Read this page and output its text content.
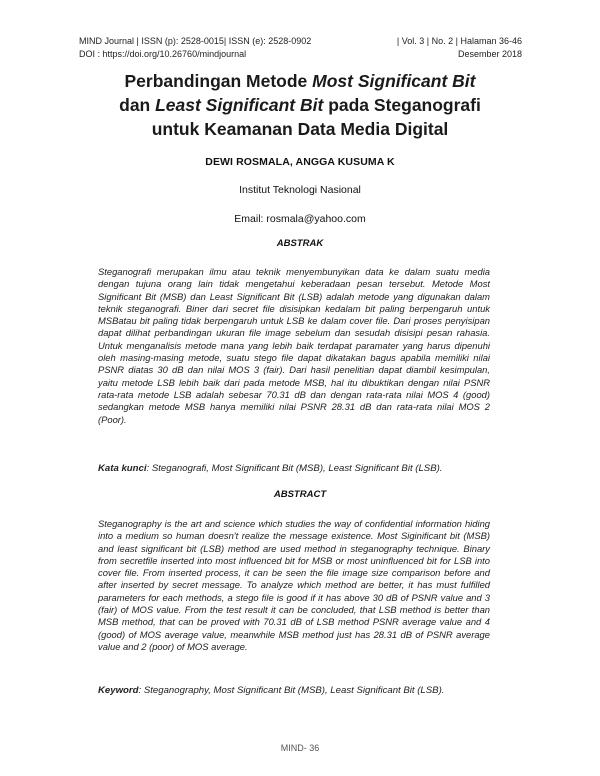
MIND Journal | ISSN (p): 2528-0015| ISSN (e): 2528-0902
DOI : https://doi.org/10.26760/mindjournal
| Vol. 3 | No. 2 | Halaman 36-46
Desember 2018
Perbandingan Metode Most Significant Bit
dan Least Significant Bit pada Steganografi
untuk Keamanan Data Media Digital
DEWI ROSMALA, ANGGA KUSUMA K
Institut Teknologi Nasional
Email: rosmala@yahoo.com
ABSTRAK
Steganografi merupakan ilmu atau teknik menyembunyikan data ke dalam suatu media dengan tujuna orang lain tidak mengetahui keberadaan pesan tersebut. Metode Most Significant Bit (MSB) dan Least Significant Bit (LSB) adalah metode yang digunakan dalam teknik steganografi. Biner dari secret file disisipkan kedalam bit paling berpengaruh untuk MSBatau bit paling tidak berpengaruh untuk LSB ke dalam cover file. Dari proses penyisipan dapat dilihat perbandingan ukuran file image sebelum dan sesudah disisipi pesan rahasia. Untuk menganalisis metode mana yang lebih baik terdapat paramater yang harus dipenuhi oleh masing-masing metode, suatu stego file dapat dikatakan bagus apabila memiliki nilai PSNR diatas 30 dB dan nilai MOS 3 (fair). Dari hasil penelitian dapat diambil kesimpulan, yaitu metode LSB lebih baik dari pada metode MSB, hal itu dibuktikan dengan nilai PSNR rata-rata metode LSB adalah sebesar 70.31 dB dan dengan rata-rata nilai MOS 4 (good) sedangkan metode MSB hanya memiliki nilai PSNR 28.31 dB dan rata-rata nilai MOS 2 (Poor).
Kata kunci: Steganografi, Most Significant Bit (MSB), Least Significant Bit (LSB).
ABSTRACT
Steganography is the art and science which studies the way of confidential information hiding into a medium so human doesn't realize the message existence. Most Siginificant bit (MSB) and least significant bit (LSB) method are used method in steganography technique. Binary from secretfile inserted into most influenced bit for MSB or most uninfluenced bit for LSB into cover file. From inserted process, it can be seen the file image size comparison before and after inserted by secret message. To analyze which method are better, it has must fulfilled parameters for each methods, a stego file is good if it has above 30 dB of PSNR value and 3 (fair) of MOS value. From the test result it can be concluded, that LSB method is better than MSB method, that can be proved with 70.31 dB of LSB method PSNR average value and 4 (good) of MOS average value, meanwhile MSB method just has 28.31 dB of PSNR average value and 2 (poor) of MOS average.
Keyword: Steganography, Most Significant Bit (MSB), Least Significant Bit (LSB).
MIND- 36
